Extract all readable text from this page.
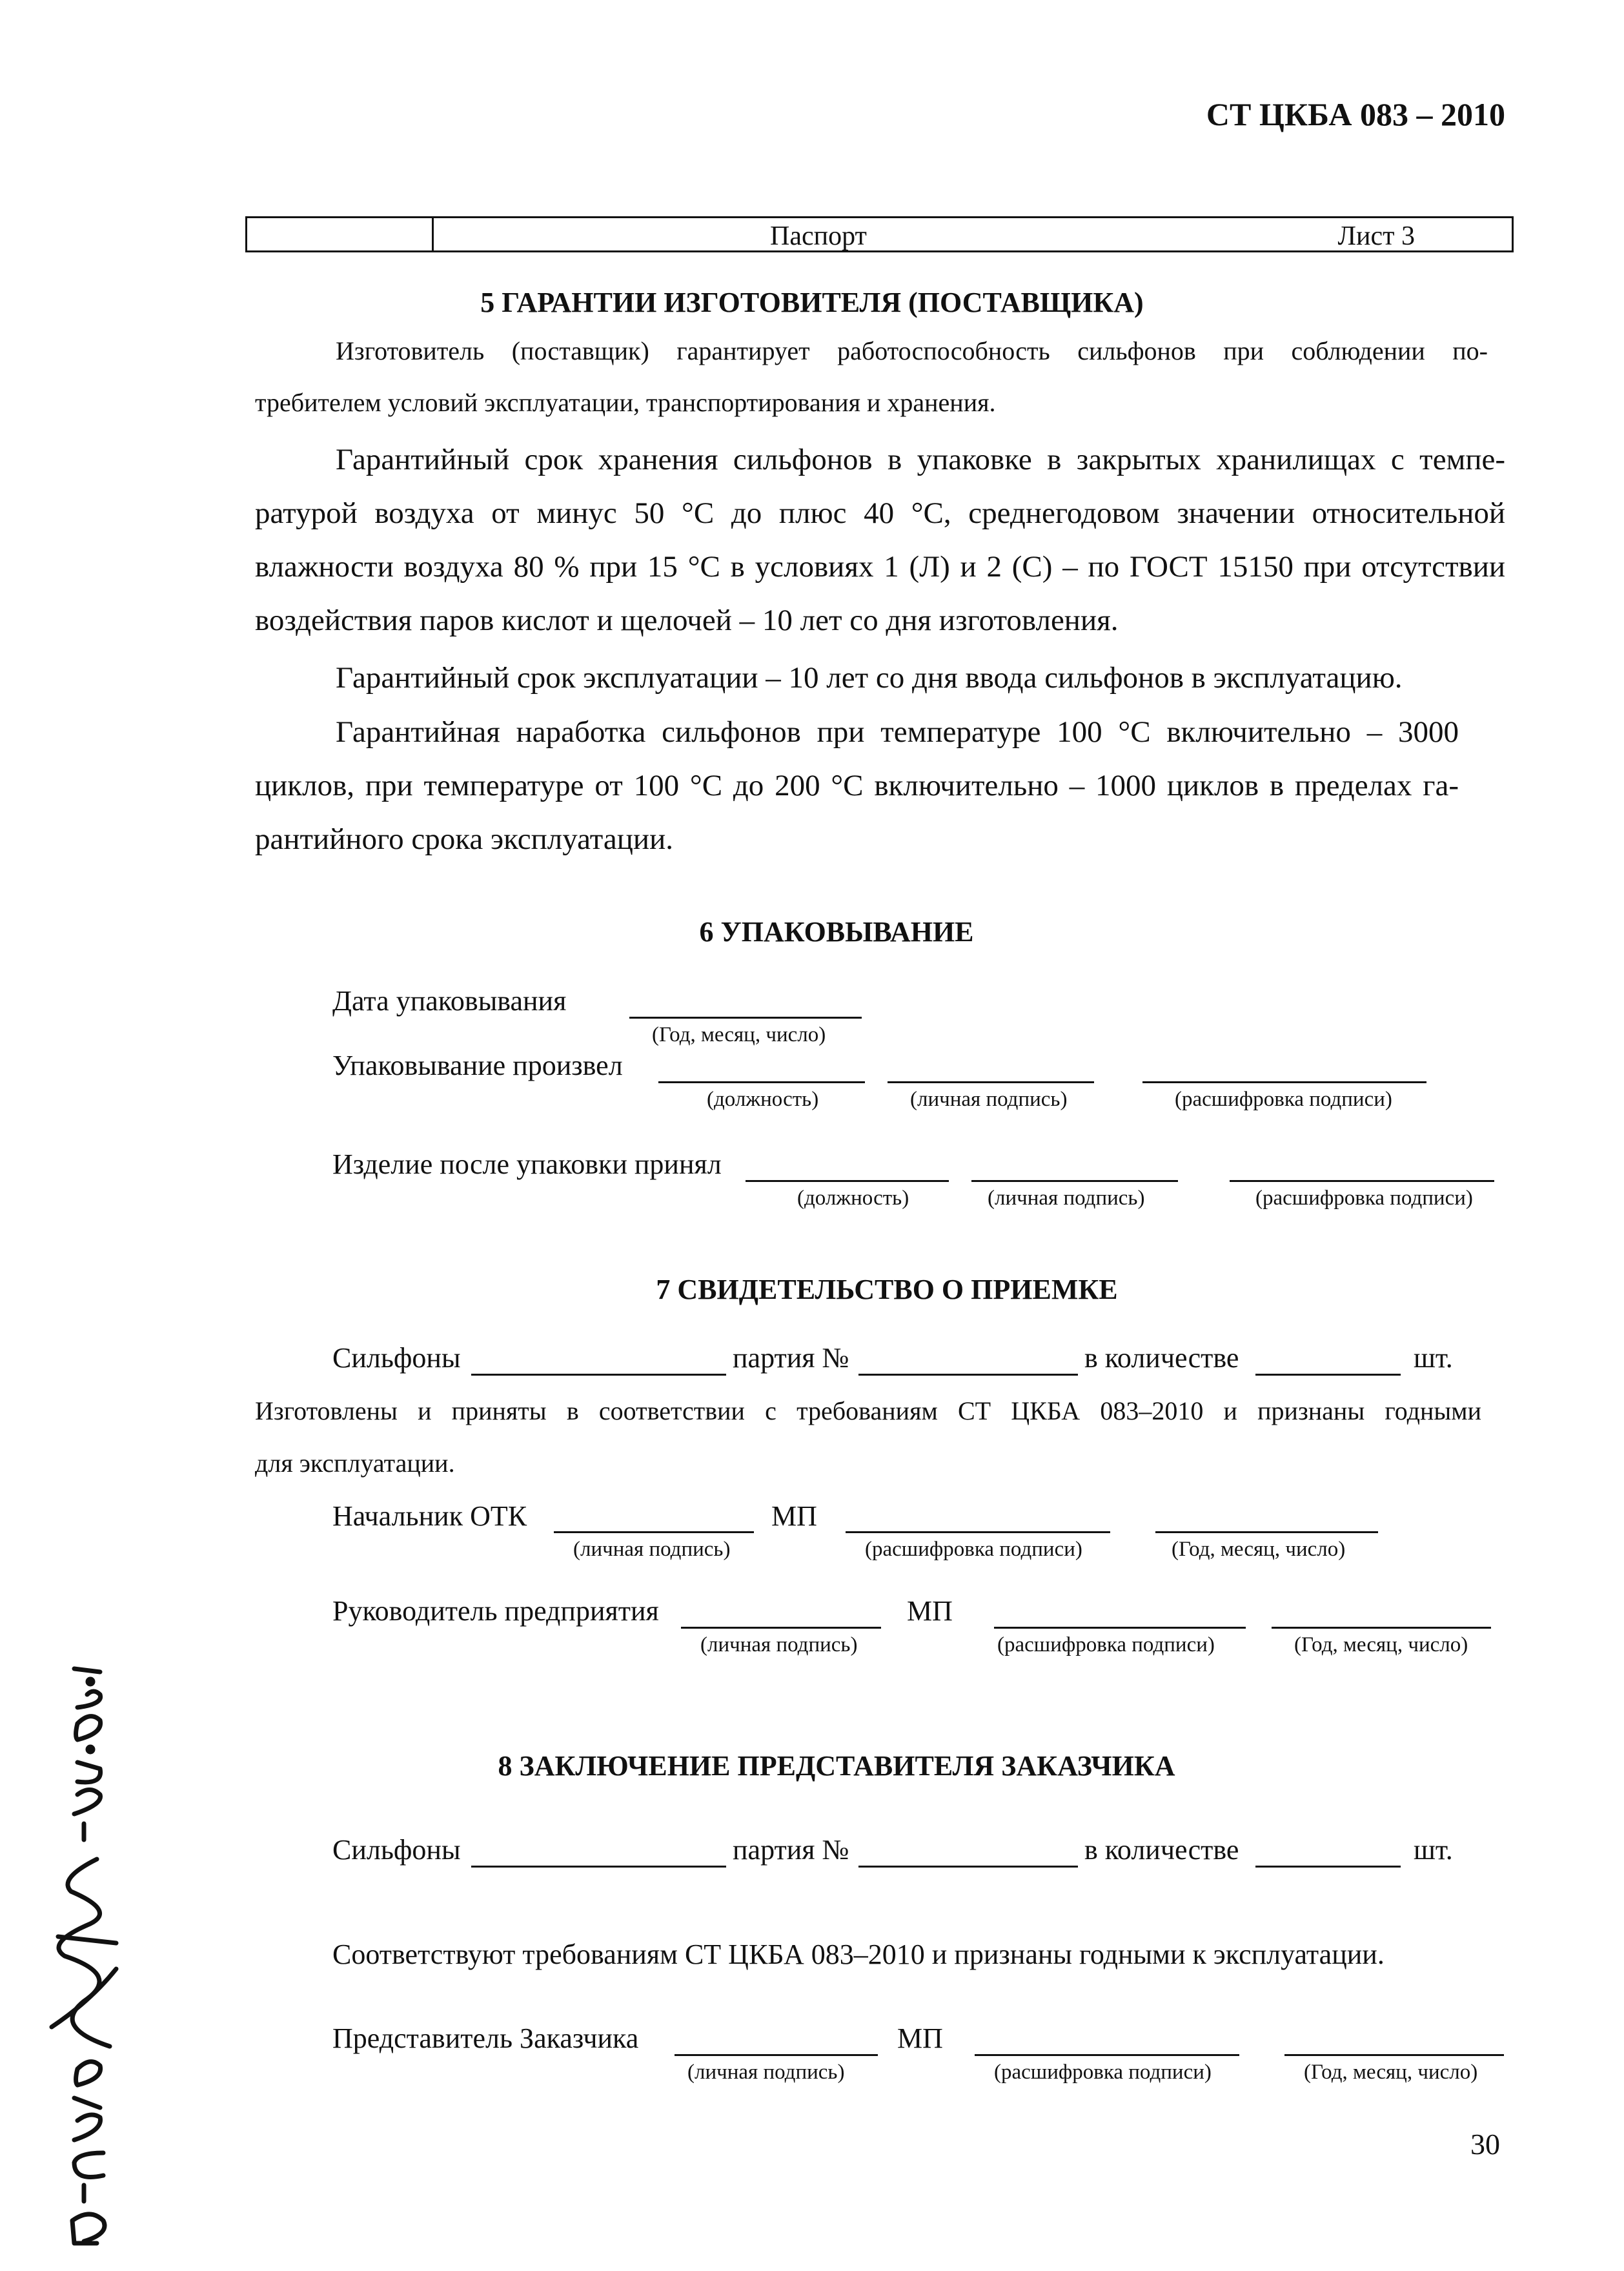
СТ ЦКБА 083 – 2010
Паспорт	Лист 3
5 ГАРАНТИИ ИЗГОТОВИТЕЛЯ (ПОСТАВЩИКА)
Изготовитель (поставщик) гарантирует работоспособность сильфонов при соблюдении по-
требителем условий эксплуатации, транспортирования и хранения.
Гарантийный срок хранения сильфонов в упаковке в закрытых хранилищах с темпе-
ратурой воздуха от минус 50 °С до плюс 40 °С, среднегодовом значении относительной
влажности воздуха 80 % при 15 °С в условиях 1 (Л) и 2 (С) – по ГОСТ 15150 при отсутствии
воздействия паров кислот и щелочей – 10 лет со дня изготовления.
Гарантийный срок эксплуатации – 10 лет со дня ввода сильфонов в эксплуатацию.
Гарантийная наработка сильфонов при температуре 100 °С включительно – 3000
циклов, при температуре от 100 °С до 200 °С включительно – 1000 циклов в пределах га-
рантийного срока эксплуатации.
6 УПАКОВЫВАНИЕ
Дата упаковывания
(Год, месяц, число)
Упаковывание произвел
(должность)	(личная подпись)	(расшифровка подписи)
Изделие после упаковки принял
(должность)	(личная подпись)	(расшифровка подписи)
7 СВИДЕТЕЛЬСТВО О ПРИЕМКЕ
Сильфоны	партия №	в количестве	шт.
Изготовлены и приняты в соответствии с требованиям СТ ЦКБА 083–2010 и признаны годными
для эксплуатации.
Начальник ОТК	МП
(личная подпись)	(расшифровка подписи)	(Год, месяц, число)
Руководитель предприятия	МП
(личная подпись)	(расшифровка подписи)	(Год, месяц, число)
8 ЗАКЛЮЧЕНИЕ ПРЕДСТАВИТЕЛЯ ЗАКАЗЧИКА
Сильфоны	партия №	в количестве	шт.
Соответствуют требованиям СТ ЦКБА 083–2010 и признаны годными к эксплуатации.
Представитель Заказчика	МП
(личная подпись)	(расшифровка подписи)	(Год, месяц, число)
30
